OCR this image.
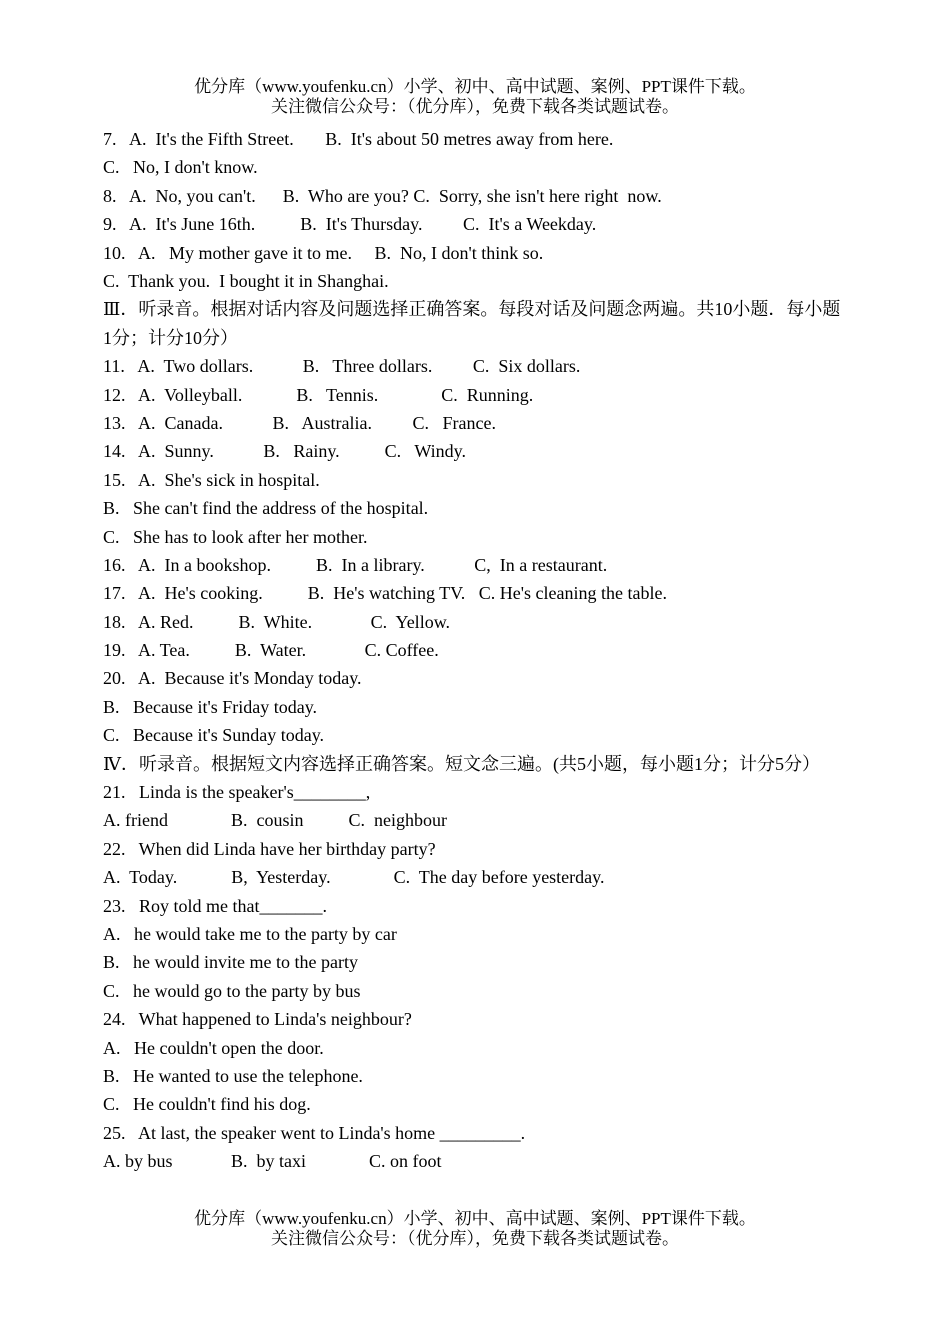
优分库（www.youfenku.cn）小学、初中、高中试题、案例、PPT课件下载。
关注微信公众号：（优分库），免费下载各类试题试卷。
7.   A.  It's the Fifth Street.       B.  It's about 50 metres away from here.
C.   No, I don't know.
8.   A.  No, you can't.      B.  Who are you? C.  Sorry, she isn't here right  now.
9.   A.  It's June 16th.          B.  It's Thursday.         C.  It's a Weekday.
10.   A.   My mother gave it to me.     B.  No, I don't think so.
C.  Thank you.  I bought it in Shanghai.
Ⅲ．听录音。根据对话内容及问题选择正确答案。每段对话及问题念两遍。共10小题．每小题1分；计分10分）
11.   A.  Two dollars.           B.   Three dollars.         C.  Six dollars.
12.   A.  Volleyball.            B.   Tennis.              C.  Running.
13.   A.  Canada.           B.   Australia.         C.   France.
14.   A.  Sunny.           B.   Rainy.          C.   Windy.
15.   A.  She's sick in hospital.
B.   She can't find the address of the hospital.
C.   She has to look after her mother.
16.   A.  In a bookshop.          B.  In a library.           C,  In a restaurant.
17.   A.  He's cooking.          B.  He's watching TV.   C. He's cleaning the table.
18.   A. Red.          B.  White.             C.  Yellow.
19.   A. Tea.          B.  Water.             C. Coffee.
20.   A.  Because it's Monday today.
B.   Because it's Friday today.
C.   Because it's Sunday today.
Ⅳ．听录音。根据短文内容选择正确答案。短文念三遍。(共5小题，每小题1分；计分5分）
21.   Linda is the speaker's________,
A. friend              B.  cousin          C.  neighbour
22.   When did Linda have her birthday party?
A.  Today.            B,  Yesterday.              C.  The day before yesterday.
23.   Roy told me that_______.
A.   he would take me to the party by car
B.   he would invite me to the party
C.   he would go to the party by bus
24.   What happened to Linda's neighbour?
A.   He couldn't open the door.
B.   He wanted to use the telephone.
C.   He couldn't find his dog.
25.   At last, the speaker went to Linda's home _________.
A. by bus             B.  by taxi              C. on foot
优分库（www.youfenku.cn）小学、初中、高中试题、案例、PPT课件下载。
关注微信公众号：（优分库），免费下载各类试题试卷。
